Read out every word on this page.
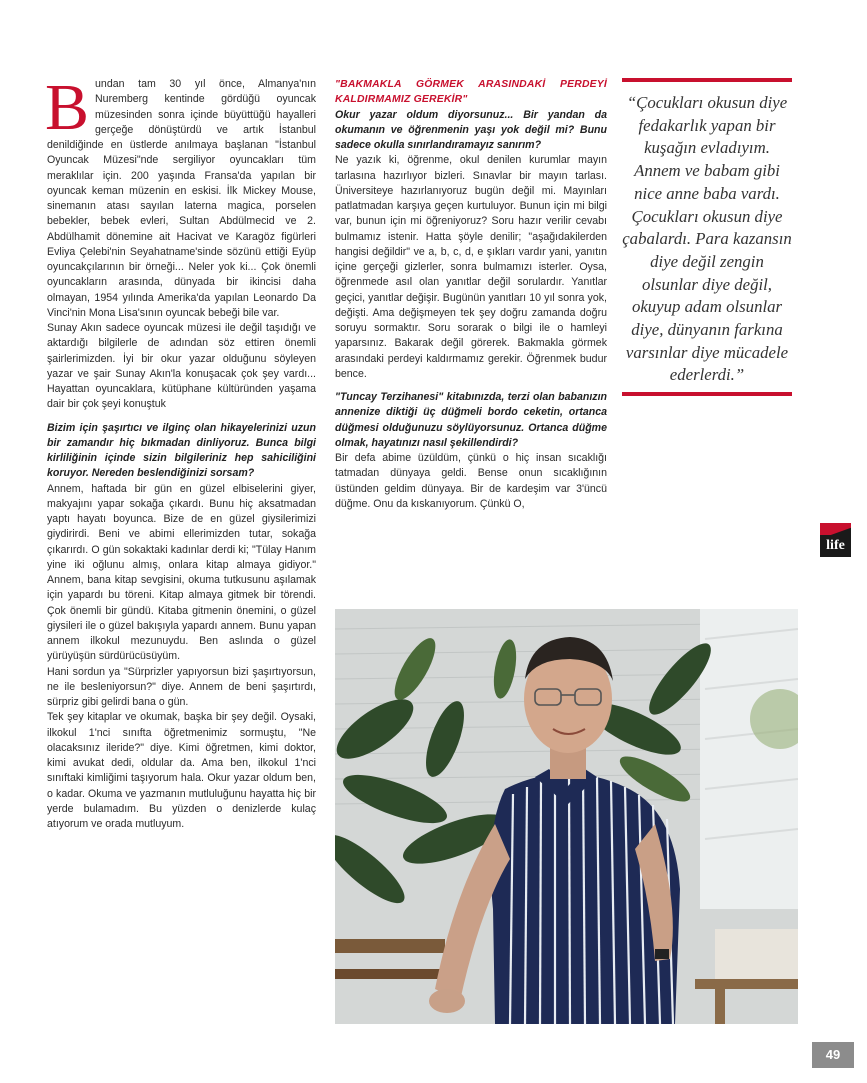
B undan tam 30 yıl önce, Almanya'nın Nuremberg kentinde gördüğü oyuncak müzesinden sonra içinde büyüttüğü hayalleri gerçeğe dönüştürdü ve artık İstanbul denildiğinde en üstlerde anılmaya başlanan "İstanbul Oyuncak Müzesi"nde sergiliyor oyuncakları tüm meraklılar için. 200 yaşında Fransa'da yapılan bir oyuncak keman müzenin en eskisi. İlk Mickey Mouse, sinemanın atası sayılan laterna magica, porselen bebekler, bebek evleri, Sultan Abdülmecid ve 2. Abdülhamit dönemine ait Hacivat ve Karagöz figürleri Evliya Çelebi'nin Seyahatname'sinde sözünü ettiği Eyüp oyuncakçılarının bir örneği... Neler yok ki... Çok önemli oyuncakların arasında, dünyada bir ikincisi daha olmayan, 1954 yılında Amerika'da yapılan Leonardo Da Vinci'nin Mona Lisa'sının oyuncak bebeği bile var.

Sunay Akın sadece oyuncak müzesi ile değil taşıdığı ve aktardığı bilgilerle de adından söz ettiren önemli şairlerimizden. İyi bir okur yazar olduğunu söyleyen yazar ve şair Sunay Akın'la konuşacak çok şey vardı... Hayattan oyuncaklara, kütüphane kültüründen yaşama dair bir çok şeyi konuştuk

Bizim için şaşırtıcı ve ilginç olan hikayelerinizi uzun bir zamandır hiç bıkmadan dinliyoruz. Bunca bilgi kirliliğinin içinde sizin bilgileriniz hep sahiciliğini koruyor. Nereden beslendiğinizi sorsam?

Annem, haftada bir gün en güzel elbiselerini giyer, makyajını yapar sokağa çıkardı. Bunu hiç aksatmadan yaptı hayatı boyunca. Bize de en güzel giysilerimizi giydirirdi. Beni ve abimi ellerimizden tutar, sokağa çıkarırdı. O gün sokaktaki kadınlar derdi ki; "Tülay Hanım yine iki oğlunu almış, onlara kitap almaya gidiyor." Annem, bana kitap sevgisini, okuma tutkusunu aşılamak için yapardı bu töreni. Kitap almaya gitmek bir törendi. Çok önemli bir gündü. Kitaba gitmenin önemini, o güzel giysileri ile o güzel bakışıyla yapardı annem. Bunu yapan annem ilkokul mezunuydu. Ben aslında o güzel yürüyüşün sürdürücüsüyüm.

Hani sordun ya "Sürprizler yapıyorsun bizi şaşırtıyorsun, ne ile besleniyorsun?" diye. Annem de beni şaşırtırdı, sürpriz gibi gelirdi bana o gün.

Tek şey kitaplar ve okumak, başka bir şey değil. Oysaki, ilkokul 1'nci sınıfta öğretmenimiz sormuştu, "Ne olacaksınız ileride?" diye. Kimi öğretmen, kimi doktor, kimi avukat dedi, oldular da. Ama ben, ilkokul 1'nci sınıftaki kimliğimi taşıyorum hala. Okur yazar oldum ben, o kadar. Okuma ve yazmanın mutluluğunu hayatta hiç bir yerde bulamadım. Bu yüzden o denizlerde kulaç atıyorum ve orada mutluyum.

"BAKMAKLA GÖRMEK ARASINDAKİ PERDEYİ KALDIRMAMIZ GEREKİR"

Okur yazar oldum diyorsunuz... Bir yandan da okumanın ve öğrenmenin yaşı yok değil mi? Bunu sadece okulla sınırlandıramayız sanırım?

Ne yazık ki, öğrenme, okul denilen kurumlar mayın tarlasına hazırlıyor bizleri. Sınavlar bir mayın tarlası. Üniversiteye hazırlanıyoruz bugün değil mi. Mayınları patlatmadan karşıya geçen kurtuluyor. Bunun için mi bilgi var, bunun için mi öğreniyoruz? Soru hazır verilir cevabı bulmamız istenir. Hatta şöyle denilir; "aşağıdakilerden hangisi değildir" ve a, b, c, d, e şıkları vardır yani, yanıtın içine gerçeği gizlerler, sonra bulmamızı isterler. Oysa, öğrenmede asıl olan yanıtlar değil sorulardır. Yanıtlar geçici, yanıtlar değişir. Bugünün yanıtları 10 yıl sonra yok, değişti. Ama değişmeyen tek şey doğru zamanda doğru soruyu sormaktır. Soru sorarak o bilgi ile o hamleyi yaparsınız. Bakarak değil görerek. Bakmakla görmek arasındaki perdeyi kaldırmamız gerekir. Öğrenmek budur bence.

"Tuncay Terzihanesi" kitabınızda, terzi olan babanızın annenize diktiği üç düğmeli bordo ceketin, ortanca düğmesi olduğunuzu söylüyorsunuz. Ortanca düğme olmak, hayatınızı nasıl şekillendirdi?

Bir defa abime üzüldüm, çünkü o hiç insan sıcaklığı tatmadan dünyaya geldi. Bense onun sıcaklığının üstünden geldim dünyaya. Bir de kardeşim var 3'üncü düğme. Onu da kıskanıyorum. Çünkü O,

“Çocukları okusun diye fedakarlık yapan bir kuşağın evladıyım. Annem ve babam gibi nice anne baba vardı. Çocukları okusun diye çabalardı. Para kazansın diye değil zengin olsunlar diye değil, okuyup adam olsunlar diye, dünyanın farkına varsınlar diye mücadele ederlerdi.”
life
49
